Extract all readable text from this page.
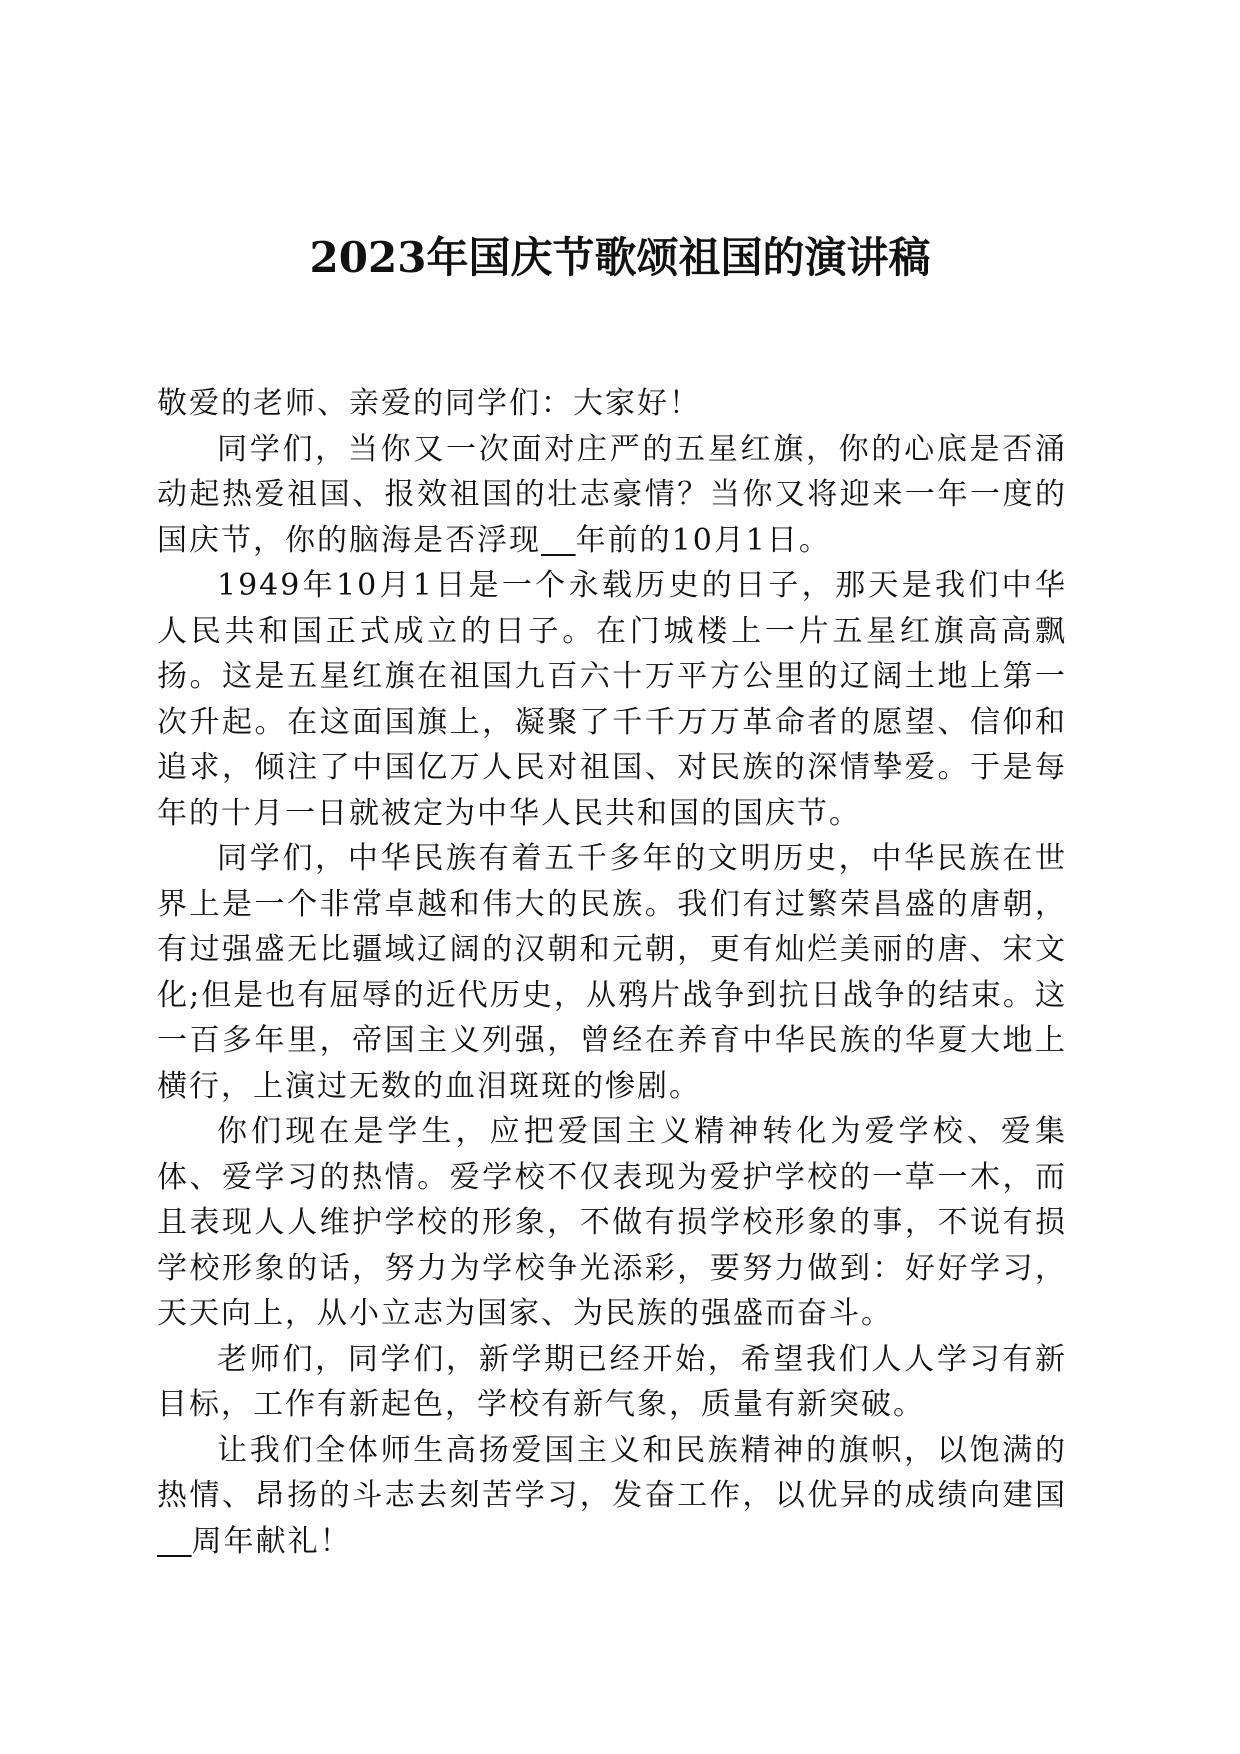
2023年国庆节歌颂祖国的演讲稿

敬爱的老师、亲爱的同学们：大家好！

同学们，当你又一次面对庄严的五星红旗，你的心底是否涌动起热爱祖国、报效祖国的壮志豪情？当你又将迎来一年一度的国庆节，你的脑海是否浮现 年前的10月1日。

1949年10月1日是一个永载历史的日子，那天是我们中华人民共和国正式成立的日子。在门城楼上一片五星红旗高高飘扬。这是五星红旗在祖国九百六十万平方公里的辽阔土地上第一次升起。在这面国旗上，凝聚了千千万万革命者的愿望、信仰和追求，倾注了中国亿万人民对祖国、对民族的深情挚爱。于是每年的十月一日就被定为中华人民共和国的国庆节。

同学们，中华民族有着五千多年的文明历史，中华民族在世界上是一个非常卓越和伟大的民族。我们有过繁荣昌盛的唐朝，有过强盛无比疆域辽阔的汉朝和元朝，更有灿烂美丽的唐、宋文化;但是也有屈辱的近代历史，从鸦片战争到抗日战争的结束。这一百多年里，帝国主义列强，曾经在养育中华民族的华夏大地上横行，上演过无数的血泪斑斑的惨剧。

你们现在是学生，应把爱国主义精神转化为爱学校、爱集体、爱学习的热情。爱学校不仅表现为爱护学校的一草一木，而且表现人人维护学校的形象，不做有损学校形象的事，不说有损学校形象的话，努力为学校争光添彩，要努力做到：好好学习，天天向上，从小立志为国家、为民族的强盛而奋斗。

老师们，同学们，新学期已经开始，希望我们人人学习有新目标，工作有新起色，学校有新气象，质量有新突破。

让我们全体师生高扬爱国主义和民族精神的旗帜，以饱满的热情、昂扬的斗志去刻苦学习，发奋工作，以优异的成绩向建国   周年献礼！
